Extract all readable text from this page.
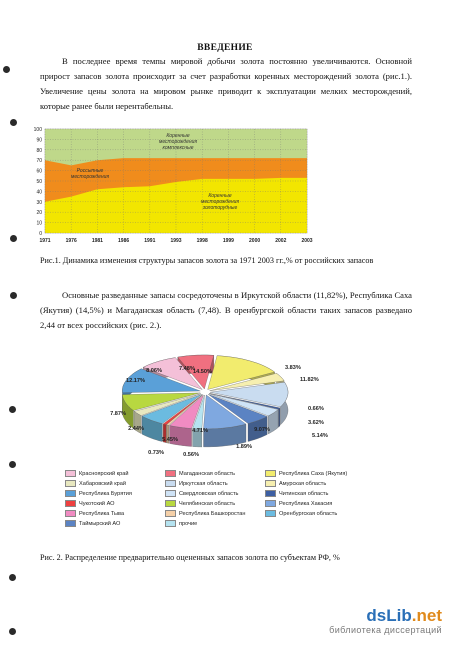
ВВЕДЕНИЕ
В последнее время темпы мировой добычи золота постоянно увеличиваются. Основной прирост запасов золота происходит за счет разработки коренных месторождений золота (рис.1.). Увеличение цены золота на мировом рынке приводит к эксплуатации мелких месторождений, которые ранее были нерентабельны.
0
10
20
30
40
50
60
70
80
90
100
1971	1976	1981	1986	1991	1993	1998	1999	2000	2002	2003
Коренные
месторождения
золоторудные
Россыпные
месторождения
Коренные
месторождения
комплексные
14.50%
3.83%
11.82%
0.66%
3.62%
5.14%
9.07%
1.89%
4.71%
0.56%
0.73%
5.45%
2.44%
7.87%
12.17%
8.06%	7.48%
Рис.1. Динамика изменения структуры запасов золота за 1971 2003 гг.,% от российских запасов
Основные разведанные запасы сосредоточены в Иркутской области (11,82%), Республика Саха (Якутия) (14,5%) и Магаданская область (7,48). В оренбургской области таких запасов разведано 2,44 от всех российских (рис. 2.).
Красноярский край	Магаданская область	Республика Саха (Якутия)
Хабаровский край	Иркутская область	Амурская область
Республика Бурятия	Свердловская область	Читинская область
Чукотский АО	Челябинская область	Республика Хакасия
Республика Тыва	Республика Башкоростан	Оренбургская область
Таймырский АО	прочие
Рис. 2. Распределение предварительно оцененных запасов золота по субъектам РФ, %
dsLib.net
библиотека диссертаций
